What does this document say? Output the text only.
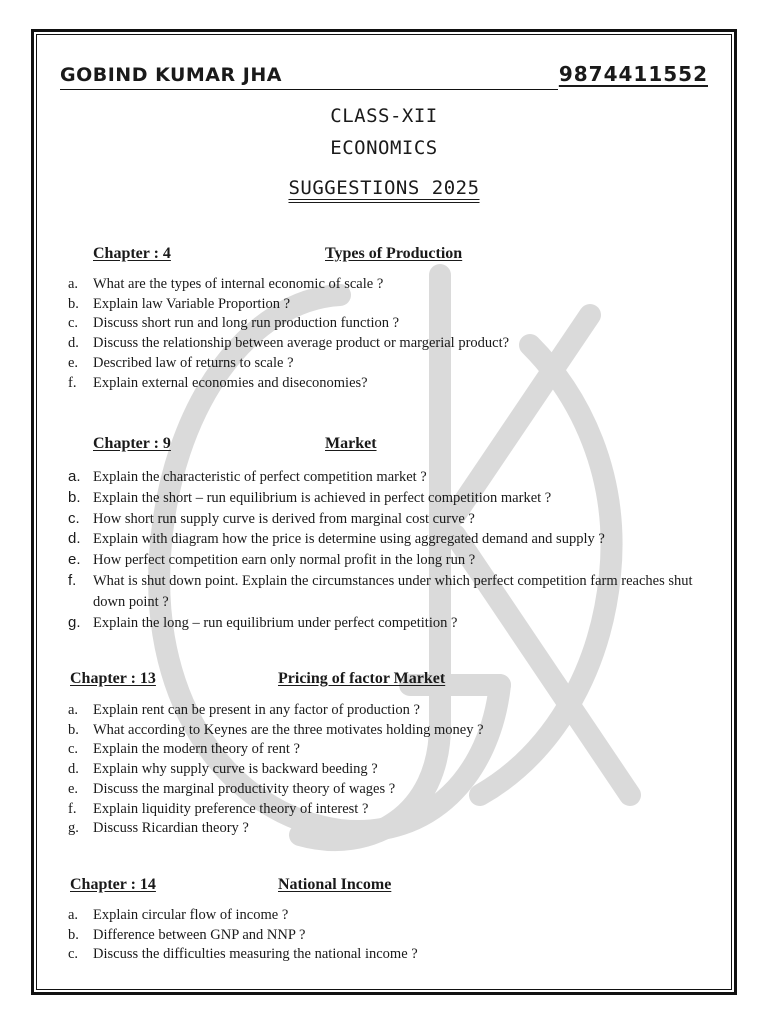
GOBIND KUMAR JHA	9874411552
CLASS-XII
ECONOMICS
SUGGESTIONS 2025
Chapter : 4	Types of Production
a.	What are the types of internal economic of scale ?
b. Explain law Variable Proportion ?
c.	Discuss short run and long run production function ?
d. Discuss the relationship between average product or margerial product?
e.	Described law of returns to scale ?
f.	Explain external economies and diseconomies?
Chapter : 9	Market
a. Explain the characteristic of perfect competition market ?
b. Explain the short – run equilibrium is achieved in perfect competition market ?
c. How short run supply curve is derived from marginal cost curve ?
d. Explain with diagram how the price is determine using aggregated demand and supply ?
e. How perfect competition earn only normal profit in the long run ?
f.	What is shut down point. Explain the circumstances under which perfect competition farm reaches shut down point ?
g. Explain the long – run equilibrium under perfect competition ?
Chapter : 13	Pricing of factor Market
a.	Explain rent can be present in any factor of production ?
b. What according to Keynes are the three motivates holding money ?
c.	Explain the modern theory of rent ?
d. Explain why supply curve is backward beeding ?
e.	Discuss the marginal productivity theory of wages ?
f.	Explain liquidity preference theory of interest ?
g. Discuss Ricardian theory ?
Chapter : 14	National Income
a.	Explain circular flow of income ?
b. Difference between GNP and NNP ?
c.	Discuss the difficulties measuring the national income ?
